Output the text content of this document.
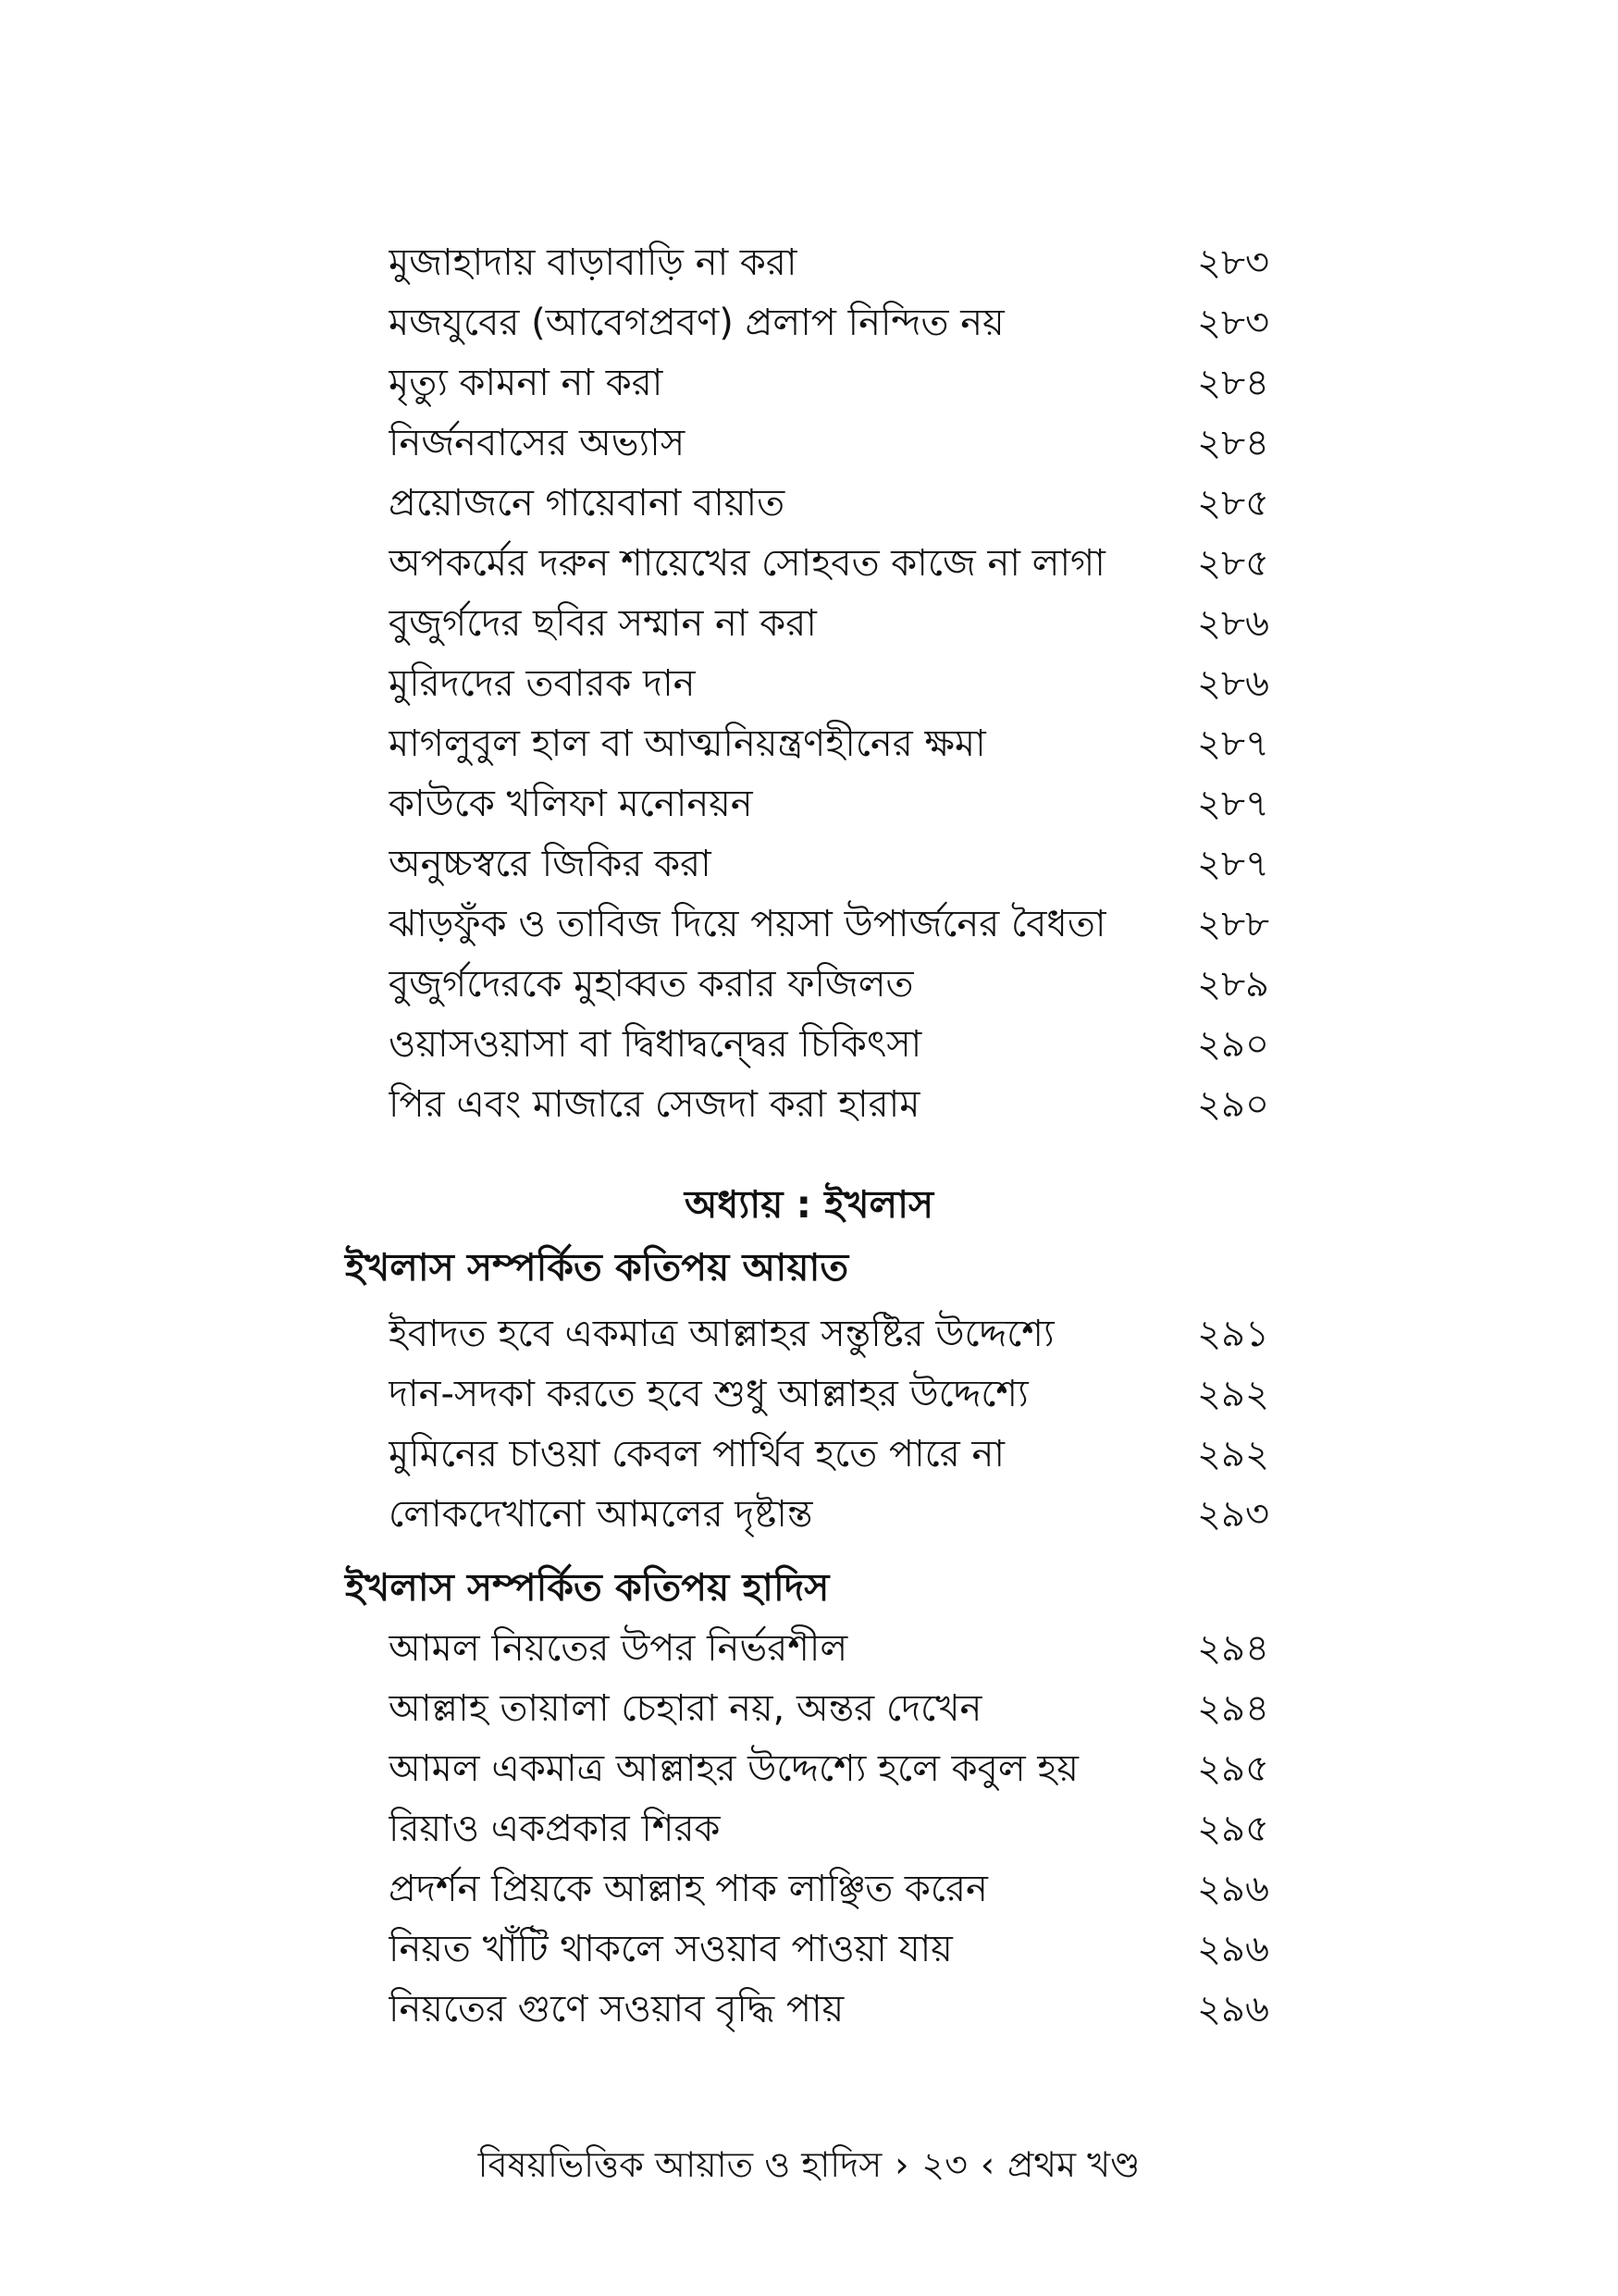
মুজাহাদায় বাড়াবাড়ি না করা	২৮৩
মজযুবের (আবেগপ্রবণ) প্রলাপ নিন্দিত নয়	২৮৩
মৃত্যু কামনা না করা	২৮৪
নির্জনবাসের অভ্যাস	২৮৪
প্রয়োজনে গায়েবানা বায়াত	২৮৫
অপকর্মের দরুন শায়েখের সোহবত কাজে না লাগা	২৮৫
বুজুর্গদের ছবির সম্মান না করা	২৮৬
মুরিদদের তবারক দান	২৮৬
মাগলুবুল হাল বা আত্মনিয়ন্ত্রণহীনের ক্ষমা	২৮৭
কাউকে খলিফা মনোনয়ন	২৮৭
অনুচ্চস্বরে জিকির করা	২৮৭
ঝাড়ফুঁক ও তাবিজ দিয়ে পয়সা উপার্জনের বৈধতা	২৮৮
বুজুর্গদেরকে মুহাব্বত করার ফজিলত	২৮৯
ওয়াসওয়াসা বা দ্বিধাদ্বন্দ্বের চিকিৎসা	২৯০
পির এবং মাজারে সেজদা করা হারাম	২৯০
অধ্যায় : ইখলাস
ইখলাস সম্পর্কিত কতিপয় আয়াত
ইবাদত হবে একমাত্র আল্লাহর সন্তুষ্টির উদ্দেশ্যে	২৯১
দান-সদকা করতে হবে শুধু আল্লাহর উদ্দেশ্যে	২৯২
মুমিনের চাওয়া কেবল পার্থিব হতে পারে না	২৯২
লোকদেখানো আমলের দৃষ্টান্ত	২৯৩
ইখলাস সম্পর্কিত কতিপয় হাদিস
আমল নিয়তের উপর নির্ভরশীল	২৯৪
আল্লাহ তায়ালা চেহারা নয়, অন্তর দেখেন	২৯৪
আমল একমাত্র আল্লাহর উদ্দেশ্যে হলে কবুল হয়	২৯৫
রিয়াও একপ্রকার শিরক	২৯৫
প্রদর্শন প্রিয়কে আল্লাহ পাক লাঞ্ছিত করেন	২৯৬
নিয়ত খাঁটি থাকলে সওয়াব পাওয়া যায়	২৯৬
নিয়তের গুণে সওয়াব বৃদ্ধি পায়	২৯৬
বিষয়ভিত্তিক আয়াত ও হাদিস › ২৩ ‹ প্রথম খণ্ড
